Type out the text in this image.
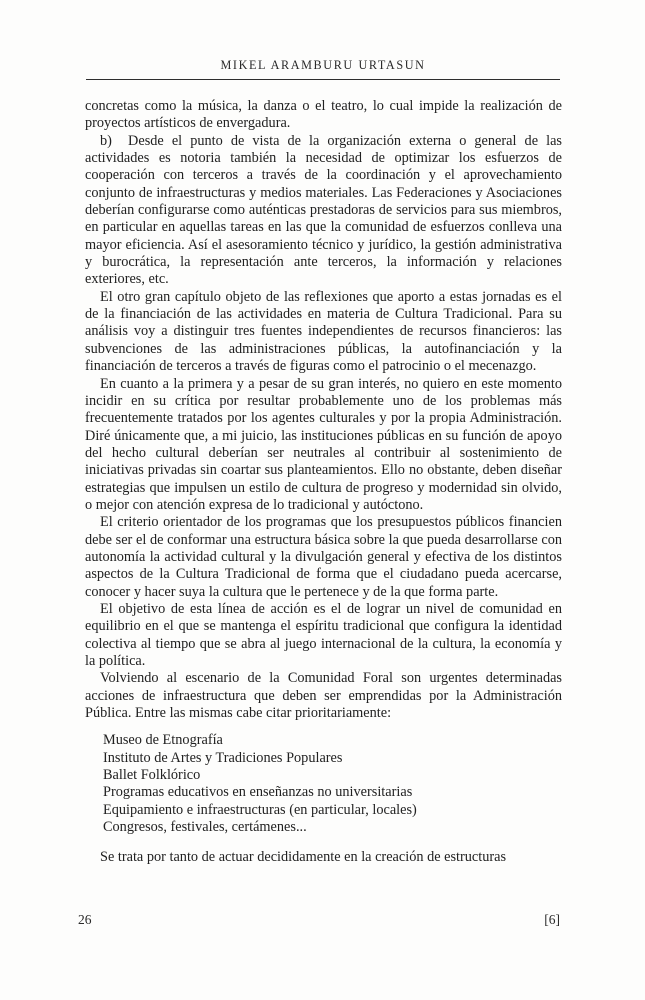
MIKEL ARAMBURU URTASUN

concretas como la música, la danza o el teatro, lo cual impide la realización de proyectos artísticos de envergadura.

b)  Desde el punto de vista de la organización externa o general de las actividades es notoria también la necesidad de optimizar los esfuerzos de cooperación con terceros a través de la coordinación y el aprovechamiento conjunto de infraestructuras y medios materiales. Las Federaciones y Asociaciones deberían configurarse como auténticas prestadoras de servicios para sus miembros, en particular en aquellas tareas en las que la comunidad de esfuerzos conlleva una mayor eficiencia. Así el asesoramiento técnico y jurídico, la gestión administrativa y burocrática, la representación ante terceros, la información y relaciones exteriores, etc.

El otro gran capítulo objeto de las reflexiones que aporto a estas jornadas es el de la financiación de las actividades en materia de Cultura Tradicional. Para su análisis voy a distinguir tres fuentes independientes de recursos financieros: las subvenciones de las administraciones públicas, la autofinanciación y la financiación de terceros a través de figuras como el patrocinio o el mecenazgo.

En cuanto a la primera y a pesar de su gran interés, no quiero en este momento incidir en su crítica por resultar probablemente uno de los problemas más frecuentemente tratados por los agentes culturales y por la propia Administración. Diré únicamente que, a mi juicio, las instituciones públicas en su función de apoyo del hecho cultural deberían ser neutrales al contribuir al sostenimiento de iniciativas privadas sin coartar sus planteamientos. Ello no obstante, deben diseñar estrategias que impulsen un estilo de cultura de progreso y modernidad sin olvido, o mejor con atención expresa de lo tradicional y autóctono.

El criterio orientador de los programas que los presupuestos públicos financien debe ser el de conformar una estructura básica sobre la que pueda desarrollarse con autonomía la actividad cultural y la divulgación general y efectiva de los distintos aspectos de la Cultura Tradicional de forma que el ciudadano pueda acercarse, conocer y hacer suya la cultura que le pertenece y de la que forma parte.

El objetivo de esta línea de acción es el de lograr un nivel de comunidad en equilibrio en el que se mantenga el espíritu tradicional que configura la identidad colectiva al tiempo que se abra al juego internacional de la cultura, la economía y la política.

Volviendo al escenario de la Comunidad Foral son urgentes determinadas acciones de infraestructura que deben ser emprendidas por la Administración Pública. Entre las mismas cabe citar prioritariamente:

Museo de Etnografía
Instituto de Artes y Tradiciones Populares
Ballet Folklórico
Programas educativos en enseñanzas no universitarias
Equipamiento e infraestructuras (en particular, locales)
Congresos, festivales, certámenes...

Se trata por tanto de actuar decididamente en la creación de estructuras

26	[6]
